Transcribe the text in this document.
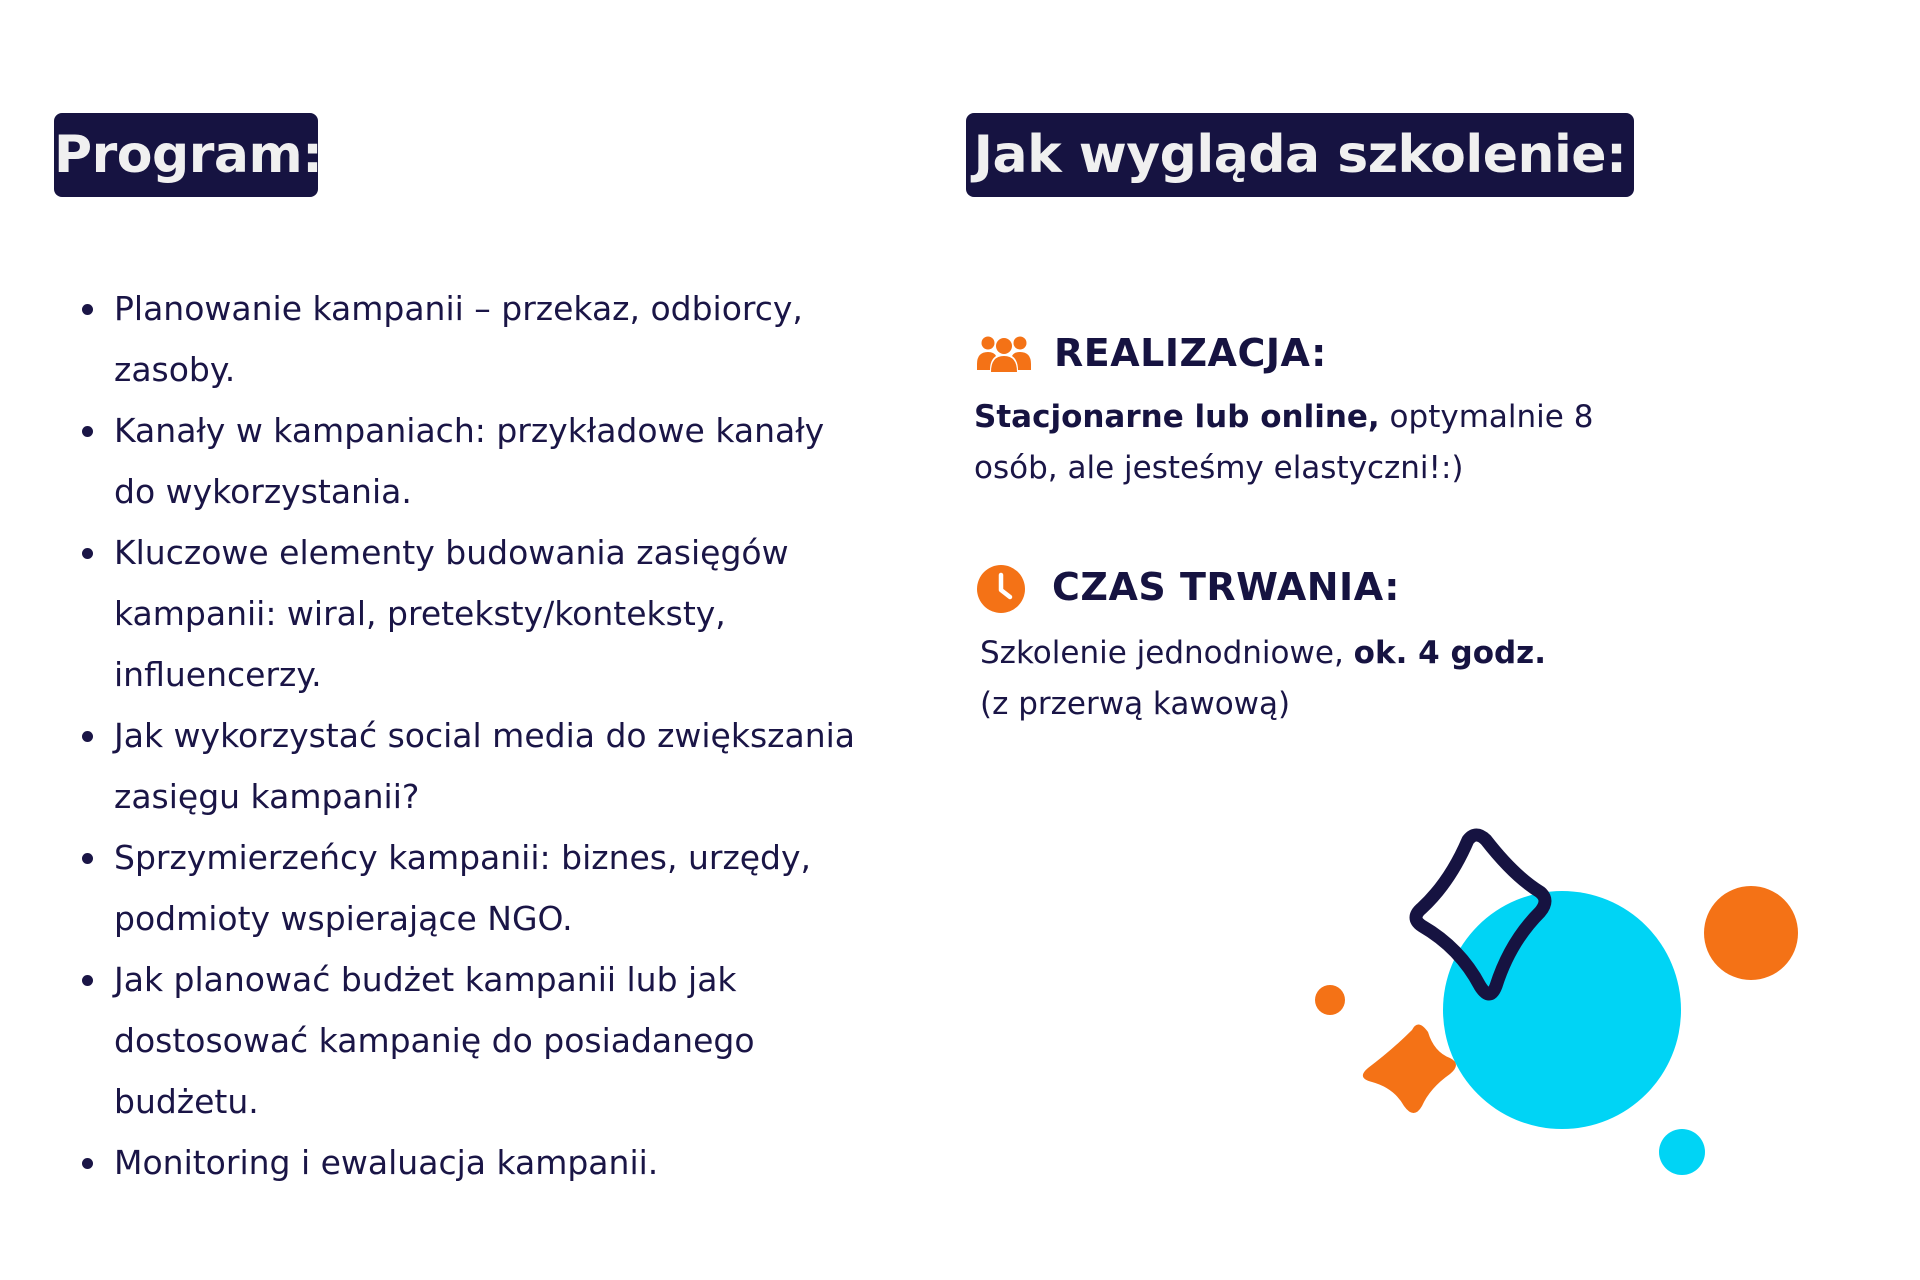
Program:
Planowanie kampanii – przekaz, odbiorcy, zasoby.
Kanały w kampaniach: przykładowe kanały do wykorzystania.
Kluczowe elementy budowania zasięgów kampanii: wiral, preteksty/konteksty, influencerzy.
Jak wykorzystać social media do zwiększania zasięgu kampanii?
Sprzymierzeńcy kampanii: biznes, urzędy, podmioty wspierające NGO.
Jak planować budżet kampanii lub jak dostosować kampanię do posiadanego budżetu.
Monitoring i ewaluacja kampanii.
Jak wygląda szkolenie:
REALIZACJA:
Stacjonarne lub online, optymalnie 8 osób, ale jesteśmy elastyczni!:)
CZAS TRWANIA:
Szkolenie jednodniowe, ok. 4 godz.
(z przerwą kawową)
